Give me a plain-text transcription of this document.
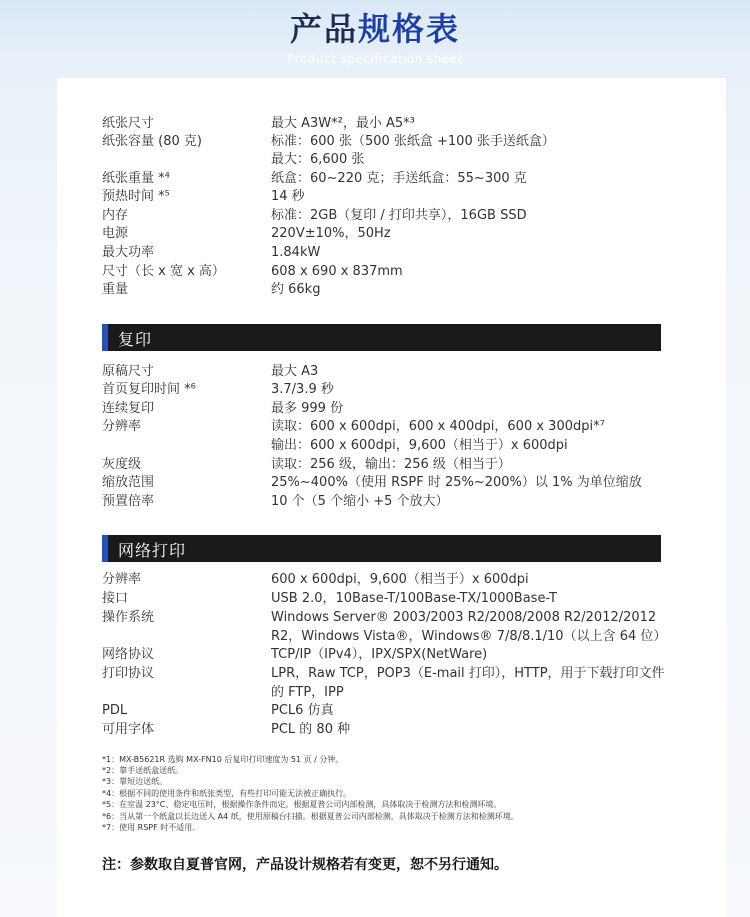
产品规格表
Product specification sheet
纸张尺寸	最大 A3W*²，最小 A5*³
纸张容量 (80 克)	标准：600 张（500 张纸盒 +100 张手送纸盒）
最大：6,600 张
纸张重量 *⁴	纸盒：60~220 克；手送纸盒：55~300 克
预热时间 *⁵	14 秒
内存	标准：2GB（复印 / 打印共享），16GB SSD
电源	220V±10%，50Hz
最大功率	1.84kW
尺寸（长 x 宽 x 高）	608 x 690 x 837mm
重量	约 66kg
复印
原稿尺寸	最大 A3
首页复印时间 *⁶	3.7/3.9 秒
连续复印	最多 999 份
分辨率	读取：600 x 600dpi，600 x 400dpi，600 x 300dpi*⁷
输出：600 x 600dpi，9,600（相当于）x 600dpi
灰度级	读取：256 级，输出：256 级（相当于）
缩放范围	25%~400%（使用 RSPF 时 25%~200%）以 1% 为单位缩放
预置倍率	10 个（5 个缩小 +5 个放大）
网络打印
分辨率	600 x 600dpi，9,600（相当于）x 600dpi
接口	USB 2.0，10Base-T/100Base-TX/1000Base-T
操作系统	Windows Server® 2003/2003 R2/2008/2008 R2/2012/2012 R2，Windows Vista®，Windows® 7/8/8.1/10（以上含 64 位）
网络协议	TCP/IP（IPv4），IPX/SPX(NetWare)
打印协议	LPR，Raw TCP，POP3（E-mail 打印），HTTP，用于下载打印文件的 FTP，IPP
PDL	PCL6 仿真
可用字体	PCL 的 80 种
*1：MX-B5621R 选购 MX-FN10 后复印打印速度为 51 页 / 分钟。
*2：靠手送纸盒送纸。
*3：靠短边送纸。
*4：根据不同的使用条件和纸张类型，有些打印可能无法被正确执行。
*5：在室温 23°C、稳定电压时，根据操作条件而定。根据夏普公司内部检测，具体取决于检测方法和检测环境。
*6：当从第一个纸盒以长边送入 A4 纸，使用原稿台扫描。根据夏普公司内部检测，具体取决于检测方法和检测环境。
*7：使用 RSPF 时不适用。
注：参数取自夏普官网，产品设计规格若有变更，恕不另行通知。
